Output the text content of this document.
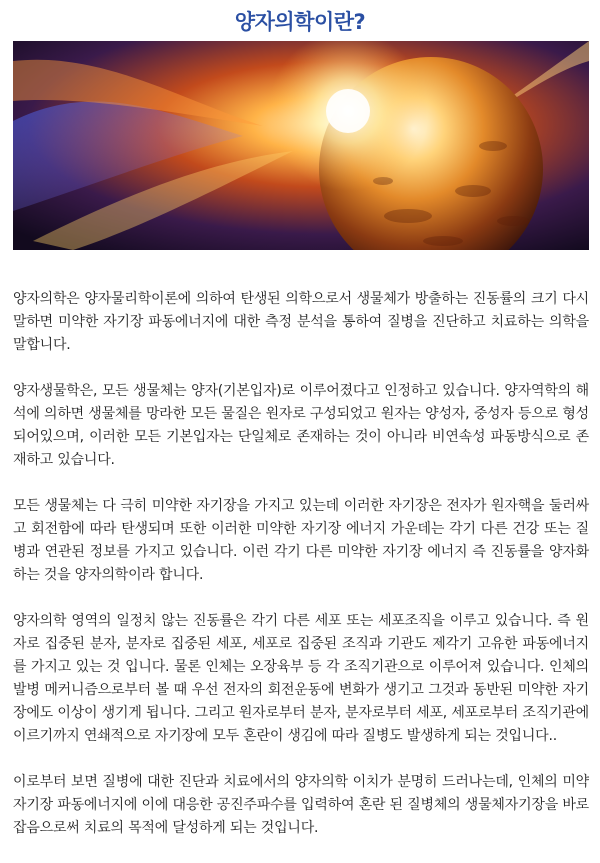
양자의학이란?

양자의학은 양자물리학이론에 의하여 탄생된 의학으로서 생물체가 방출하는 진동률의 크기 다시 말하면 미약한 자기장 파동에너지에 대한 측정 분석을 통하여 질병을 진단하고 치료하는 의학을 말합니다.

양자생물학은, 모든 생물체는 양자(기본입자)로 이루어졌다고 인정하고 있습니다. 양자역학의 해석에 의하면 생물체를 망라한 모든 물질은 원자로 구성되었고 원자는 양성자, 중성자 등으로 형성 되어있으며, 이러한 모든 기본입자는 단일체로 존재하는 것이 아니라 비연속성 파동방식으로 존재하고 있습니다.

모든 생물체는 다 극히 미약한 자기장을 가지고 있는데 이러한 자기장은 전자가 원자핵을 둘러싸고 회전함에 따라 탄생되며 또한 이러한 미약한 자기장 에너지 가운데는 각기 다른 건강 또는 질병과 연관된 정보를 가지고 있습니다. 이런 각기 다른 미약한 자기장 에너지 즉 진동률을 양자화하는 것을 양자의학이라 합니다.

양자의학 영역의 일정치 않는 진동률은 각기 다른 세포 또는 세포조직을 이루고 있습니다. 즉 원자로 집중된 분자, 분자로 집중된 세포, 세포로 집중된 조직과 기관도 제각기 고유한 파동에너지를 가지고 있는 것 입니다. 물론 인체는 오장육부 등 각 조직기관으로 이루어져 있습니다. 인체의 발병 메커니즘으로부터 볼 때 우선 전자의 회전운동에 변화가 생기고 그것과 동반된 미약한 자기장에도 이상이 생기게 됩니다. 그리고 원자로부터 분자, 분자로부터 세포, 세포로부터 조직기관에 이르기까지 연쇄적으로 자기장에 모두 혼란이 생김에 따라 질병도 발생하게 되는 것입니다..

이로부터 보면 질병에 대한 진단과 치료에서의 양자의학 이치가 분명히 드러나는데, 인체의 미약자기장 파동에너지에 이에 대응한 공진주파수를 입력하여 혼란 된 질병체의 생물체자기장을 바로 잡음으로써 치료의 목적에 달성하게 되는 것입니다.
